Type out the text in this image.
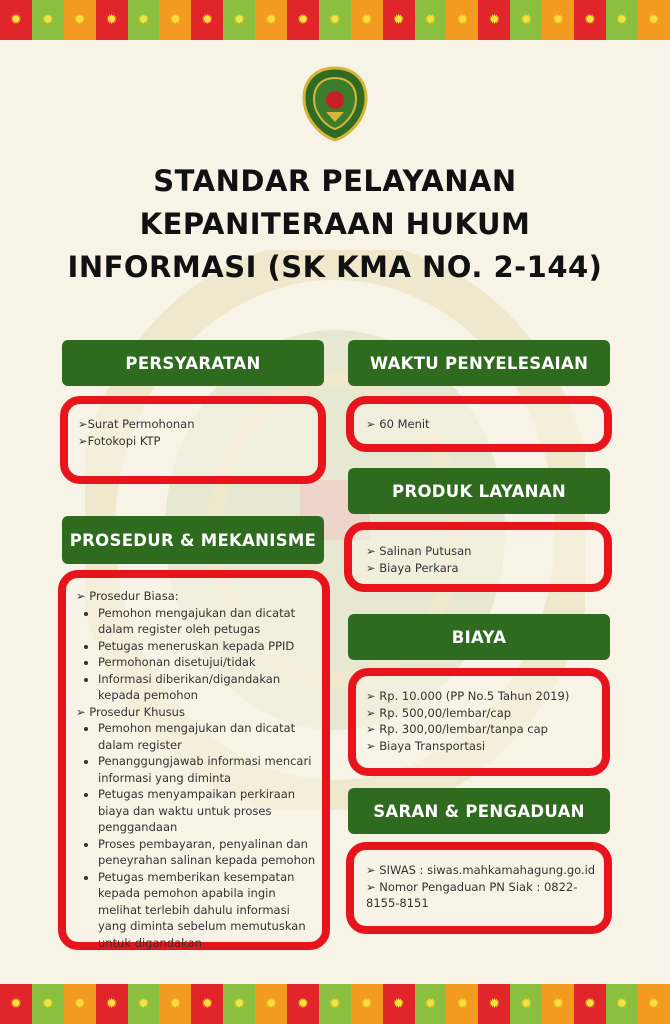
✹	✹	✹	✹	✹	✹	✹	✹	✹	✹	✹	✹	✹	✹	✹	✹	✹	✹	✹	✹	✹
✹	✹	✹	✹	✹	✹	✹	✹	✹	✹	✹	✹	✹	✹	✹	✹	✹	✹	✹	✹	✹
STANDAR PELAYANAN
KEPANITERAAN HUKUM
INFORMASI (SK KMA NO. 2-144)
PERSYARATAN
➢Surat Permohonan
➢Fotokopi KTP
WAKTU PENYELESAIAN
➢ 60 Menit
PRODUK LAYANAN
➢ Salinan Putusan
➢ Biaya Perkara
PROSEDUR & MEKANISME
➢ Prosedur Biasa:
• Pemohon mengajukan dan dicatat dalam register oleh petugas
• Petugas meneruskan kepada PPID
• Permohonan disetujui/tidak
• Informasi diberikan/digandakan kepada pemohon
➢ Prosedur Khusus
• Pemohon mengajukan dan dicatat dalam register
• Penanggungjawab informasi mencari informasi yang diminta
• Petugas menyampaikan perkiraan biaya dan waktu untuk proses penggandaan
• Proses pembayaran, penyalinan dan peneyrahan salinan kepada pemohon
• Petugas memberikan kesempatan kepada pemohon apabila ingin melihat terlebih dahulu informasi yang diminta sebelum memutuskan untuk digandakan
BIAYA
➢ Rp. 10.000 (PP No.5 Tahun 2019)
➢ Rp. 500,00/lembar/cap
➢ Rp. 300,00/lembar/tanpa cap
➢ Biaya Transportasi
SARAN & PENGADUAN
➢ SIWAS : siwas.mahkamahagung.go.id
➢ Nomor Pengaduan PN Siak : 0822-
8155-8151
